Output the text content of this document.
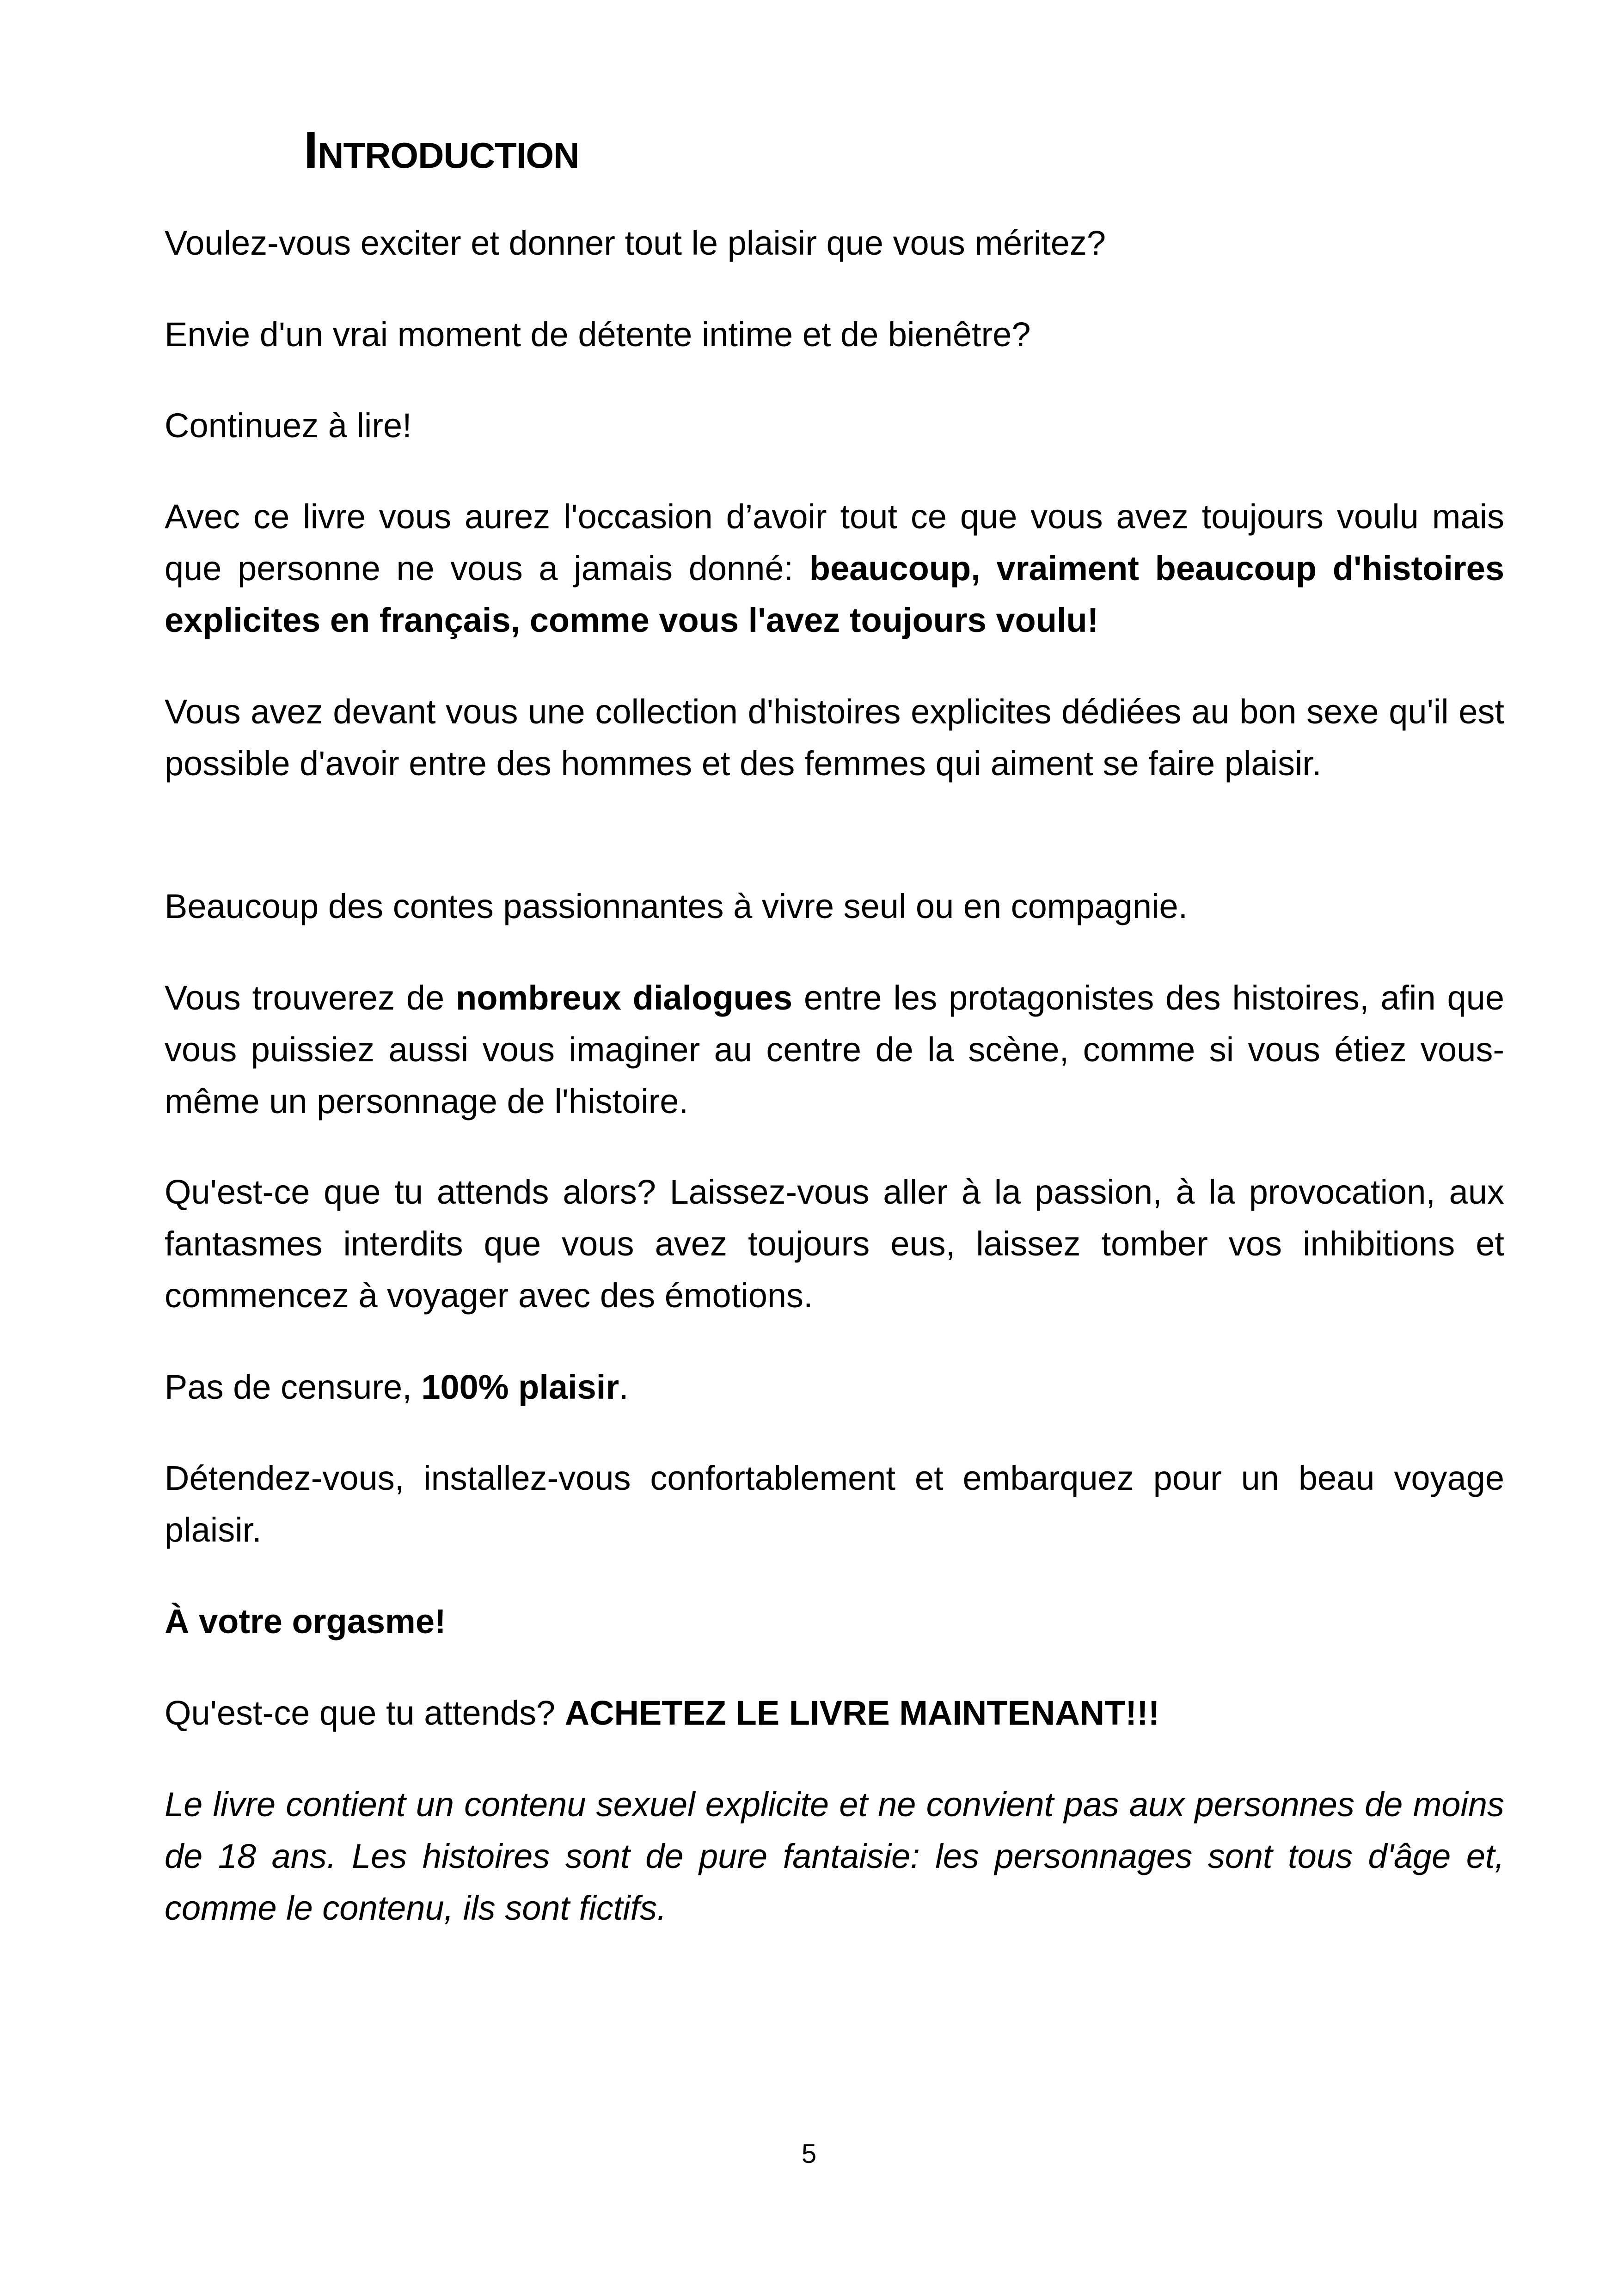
Introduction

Voulez-vous exciter et donner tout le plaisir que vous méritez?

Envie d'un vrai moment de détente intime et de bienêtre?

Continuez à lire!

Avec ce livre vous aurez l'occasion d’avoir tout ce que vous avez toujours voulu mais que personne ne vous a jamais donné: beaucoup, vraiment beaucoup d'histoires explicites en français, comme vous l'avez toujours voulu!

Vous avez devant vous une collection d'histoires explicites dédiées au bon sexe qu'il est possible d'avoir entre des hommes et des femmes qui aiment se faire plaisir.

Beaucoup des contes passionnantes à vivre seul ou en compagnie.

Vous trouverez de nombreux dialogues entre les protagonistes des histoires, afin que vous puissiez aussi vous imaginer au centre de la scène, comme si vous étiez vous-même un personnage de l'histoire.

Qu'est-ce que tu attends alors? Laissez-vous aller à la passion, à la provocation, aux fantasmes interdits que vous avez toujours eus, laissez tomber vos inhibitions et commencez à voyager avec des émotions.

Pas de censure, 100% plaisir.

Détendez-vous, installez-vous confortablement et embarquez pour un beau voyage plaisir.

À votre orgasme!

Qu'est-ce que tu attends? ACHETEZ LE LIVRE MAINTENANT!!!

Le livre contient un contenu sexuel explicite et ne convient pas aux personnes de moins de 18 ans. Les histoires sont de pure fantaisie: les personnages sont tous d'âge et, comme le contenu, ils sont fictifs.

5
